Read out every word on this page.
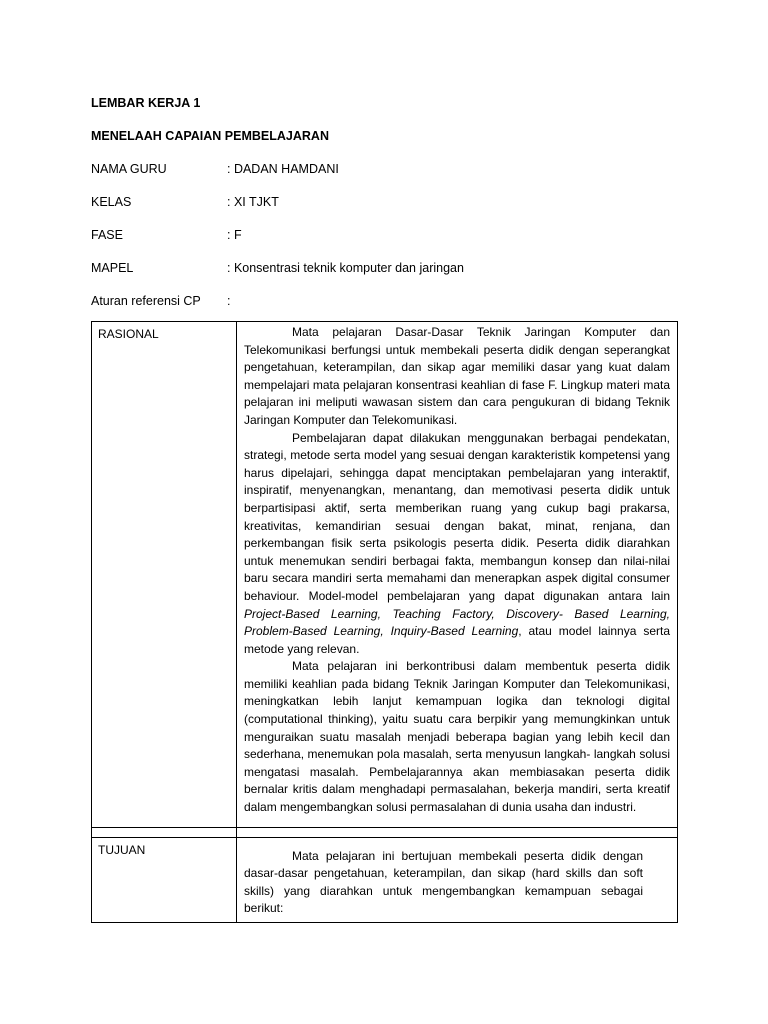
LEMBAR KERJA 1
MENELAAH CAPAIAN PEMBELAJARAN
NAMA GURU	: DADAN HAMDANI
KELAS	: XI TJKT
FASE	: F
MAPEL	: Konsentrasi teknik komputer dan jaringan
Aturan referensi CP :
RASIONAL	Mata pelajaran Dasar-Dasar Teknik Jaringan Komputer dan Telekomunikasi berfungsi untuk membekali peserta didik dengan seperangkat pengetahuan, keterampilan, dan sikap agar memiliki dasar yang kuat dalam mempelajari mata pelajaran konsentrasi keahlian di fase F. Lingkup materi mata pelajaran ini meliputi wawasan sistem dan cara pengukuran di bidang Teknik Jaringan Komputer dan Telekomunikasi.

Pembelajaran dapat dilakukan menggunakan berbagai pendekatan, strategi, metode serta model yang sesuai dengan karakteristik kompetensi yang harus dipelajari, sehingga dapat menciptakan pembelajaran yang interaktif, inspiratif, menyenangkan, menantang, dan memotivasi peserta didik untuk berpartisipasi aktif, serta memberikan ruang yang cukup bagi prakarsa, kreativitas, kemandirian sesuai dengan bakat, minat, renjana, dan perkembangan fisik serta psikologis peserta didik. Peserta didik diarahkan untuk menemukan sendiri berbagai fakta, membangun konsep dan nilai-nilai baru secara mandiri serta memahami dan menerapkan aspek digital consumer behaviour. Model-model pembelajaran yang dapat digunakan antara lain Project-Based Learning, Teaching Factory, Discovery- Based Learning, Problem-Based Learning, Inquiry-Based Learning, atau model lainnya serta metode yang relevan.

Mata pelajaran ini berkontribusi dalam membentuk peserta didik memiliki keahlian pada bidang Teknik Jaringan Komputer dan Telekomunikasi, meningkatkan lebih lanjut kemampuan logika dan teknologi digital (computational thinking), yaitu suatu cara berpikir yang memungkinkan untuk menguraikan suatu masalah menjadi beberapa bagian yang lebih kecil dan sederhana, menemukan pola masalah, serta menyusun langkah- langkah solusi mengatasi masalah. Pembelajarannya akan membiasakan peserta didik bernalar kritis dalam menghadapi permasalahan, bekerja mandiri, serta kreatif dalam mengembangkan solusi permasalahan di dunia usaha dan industri.

TUJUAN	Mata pelajaran ini bertujuan membekali peserta didik dengan dasar-dasar pengetahuan, keterampilan, dan sikap (hard skills dan soft skills) yang diarahkan untuk mengembangkan kemampuan sebagai berikut:
